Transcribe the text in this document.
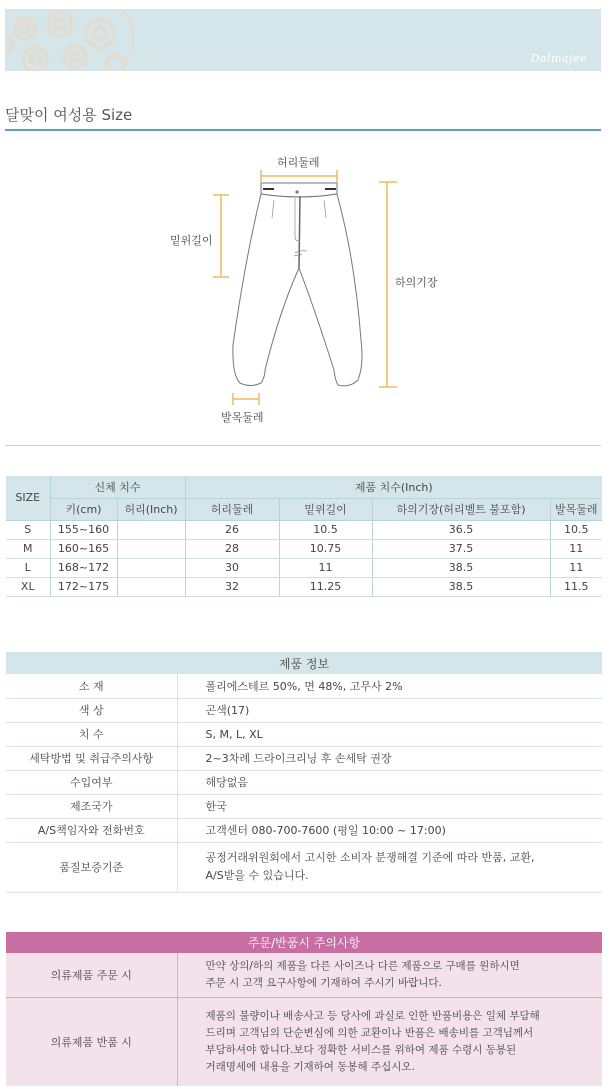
Dalmajee
달맞이 여성용 Size
허리둘레
밑위길이
하의기장
발목둘레
SIZE	신체 치수		제품 치수(Inch)			
	키(cm)	허리(Inch)	허리둘레	밑위길이	하의기장(허리벨트 불포함)	발목둘레
S	155~160		26	10.5	36.5	10.5
M	160~165		28	10.75	37.5	11
L	168~172		30	11	38.5	11
XL	172~175		32	11.25	38.5	11.5
제품 정보	
소 재	폴리에스테르 50%, 면 48%, 고무사 2%
색 상	곤색(17)
치 수	S, M, L, XL
세탁방법 및 취급주의사항	2~3차례 드라이크리닝 후 손세탁 권장
수입여부	해당없음
제조국가	한국
A/S책임자와 전화번호	고객센터 080-700-7600 (평일 10:00 ~ 17:00)
품질보증기준	공정거래위원회에서 고시한 소비자 분쟁해결 기준에 따라 반품, 교환,
A/S받을 수 있습니다.
주문/반품시 주의사항	
의류제품 주문 시	만약 상의/하의 제품을 다른 사이즈나 다른 제품으로 구매를 원하시면
주문 시 고객 요구사항에 기재하여 주시기 바랍니다.

의류제품 반품 시	제품의 불량이나 배송사고 등 당사에 과실로 인한 반품비용은 일체 부담해
드리며 고객님의 단순변심에 의한 교환이나 반품은 배송비를 고객님께서
부담하셔야 합니다.보다 정확한 서비스를 위하여 제품 수령시 동봉된
거래명세에 내용을 기재하여 동봉해 주십시오.
